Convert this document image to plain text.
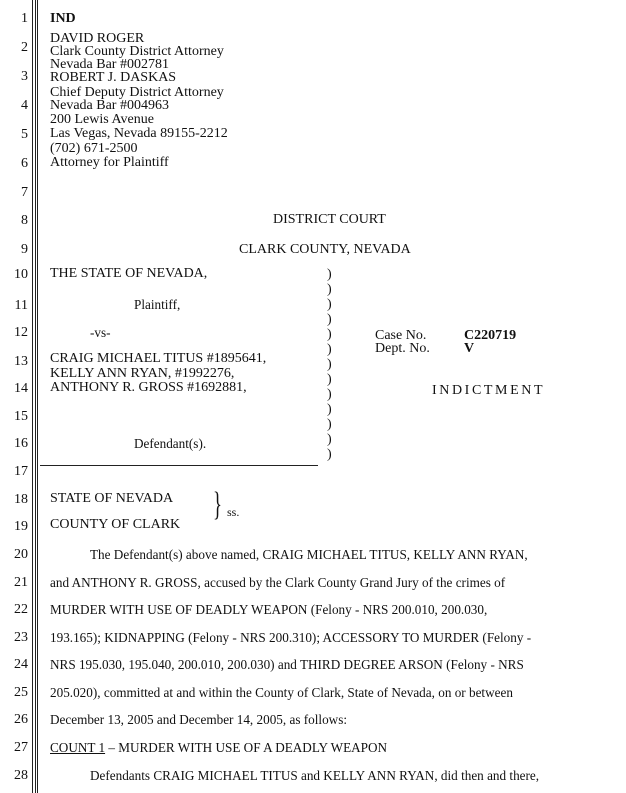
1
2
3
4
5
6
7
8
9
10
11
12
13
14
15
16
17
18
19
20
21
22
23
24
25
26
27
28
IND
DAVID ROGER
Clark County District Attorney
Nevada Bar #002781
ROBERT J. DASKAS
Chief Deputy District Attorney
Nevada Bar #004963
200 Lewis Avenue
Las Vegas, Nevada 89155-2212
(702) 671-2500
Attorney for Plaintiff
DISTRICT COURT
CLARK COUNTY, NEVADA
THE STATE OF NEVADA,
Plaintiff,
-vs-
CRAIG MICHAEL TITUS #1895641,
KELLY ANN RYAN, #1992276,
ANTHONY R. GROSS #1692881,
Defendant(s).
)
)
)
)
)
)
)
)
)
)
)
)
)
Case No.	C220719
Dept. No. V
INDICTMENT
STATE OF NEVADA
COUNTY OF CLARK
} ss.
The Defendant(s) above named, CRAIG MICHAEL TITUS, KELLY ANN RYAN,
and ANTHONY R. GROSS, accused by the Clark County Grand Jury of the crimes of
MURDER WITH USE OF DEADLY WEAPON (Felony - NRS 200.010, 200.030,
193.165); KIDNAPPING (Felony - NRS 200.310); ACCESSORY TO MURDER (Felony -
NRS 195.030, 195.040, 200.010, 200.030) and THIRD DEGREE ARSON (Felony - NRS
205.020), committed at and within the County of Clark, State of Nevada, on or between
December 13, 2005 and December 14, 2005, as follows:
COUNT 1 – MURDER WITH USE OF A DEADLY WEAPON
Defendants CRAIG MICHAEL TITUS and KELLY ANN RYAN, did then and there,
